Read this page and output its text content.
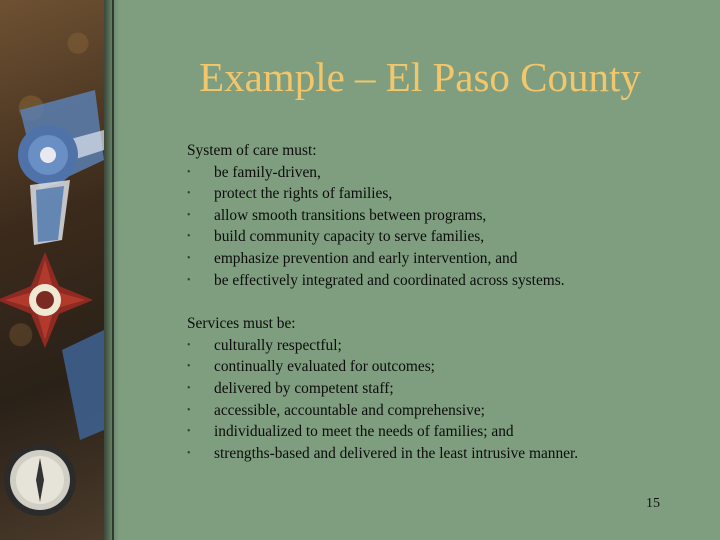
Example – El Paso County
System of care must:
• be family-driven,
• protect the rights of families,
• allow smooth transitions between programs,
• build community capacity to serve families,
• emphasize prevention and early intervention, and
• be effectively integrated and coordinated across systems.
Services must be:
• culturally respectful;
• continually evaluated for outcomes;
• delivered by competent staff;
• accessible, accountable and comprehensive;
• individualized to meet the needs of families; and
• strengths-based and delivered in the least intrusive manner.
15
